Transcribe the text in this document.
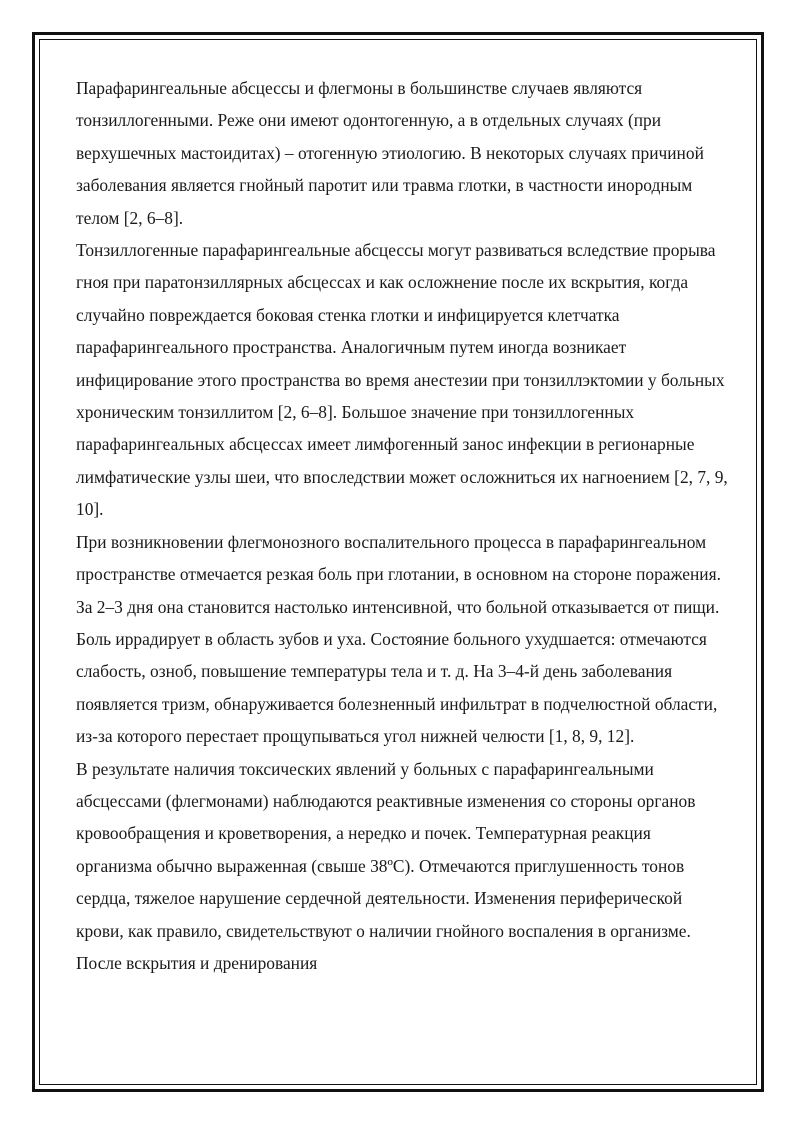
Парафарингеальные абсцессы и флегмоны в большинстве случаев являются тонзиллогенными. Реже они имеют одонтогенную, а в отдельных случаях (при верхушечных мастоидитах) – отогенную этиологию. В некоторых случаях причиной заболевания является гнойный паротит или травма глотки, в частности инородным телом [2, 6–8].

Тонзиллогенные парафарингеальные абсцессы могут развиваться вследствие прорыва гноя при паратонзиллярных абсцессах и как осложнение после их вскрытия, когда случайно повреждается боковая стенка глотки и инфицируется клетчатка парафарингеального пространства. Аналогичным путем иногда возникает инфицирование этого пространства во время анестезии при тонзиллэктомии у больных хроническим тонзиллитом [2, 6–8]. Большое значение при тонзиллогенных парафарингеальных абсцессах имеет лимфогенный занос инфекции в регионарные лимфатические узлы шеи, что впоследствии может осложниться их нагноением [2, 7, 9, 10].

При возникновении флегмонозного воспалительного процесса в парафарингеальном пространстве отмечается резкая боль при глотании, в основном на стороне поражения. За 2–3 дня она становится настолько интенсивной, что больной отказывается от пищи. Боль иррадирует в область зубов и уха. Состояние больного ухудшается: отмечаются слабость, озноб, повышение температуры тела и т. д. На 3–4-й день заболевания появляется тризм, обнаруживается болезненный инфильтрат в подчелюстной области, из-за которого перестает прощупываться угол нижней челюсти [1, 8, 9, 12].

В результате наличия токсических явлений у больных с парафарингеальными абсцессами (флегмонами) наблюдаются реактивные изменения со стороны органов кровообращения и кроветворения, а нередко и почек. Температурная реакция организма обычно выраженная (свыше 38ºC). Отмечаются приглушенность тонов сердца, тяжелое нарушение сердечной деятельности. Изменения периферической крови, как правило, свидетельствуют о наличии гнойного воспаления в организме. После вскрытия и дренирования
